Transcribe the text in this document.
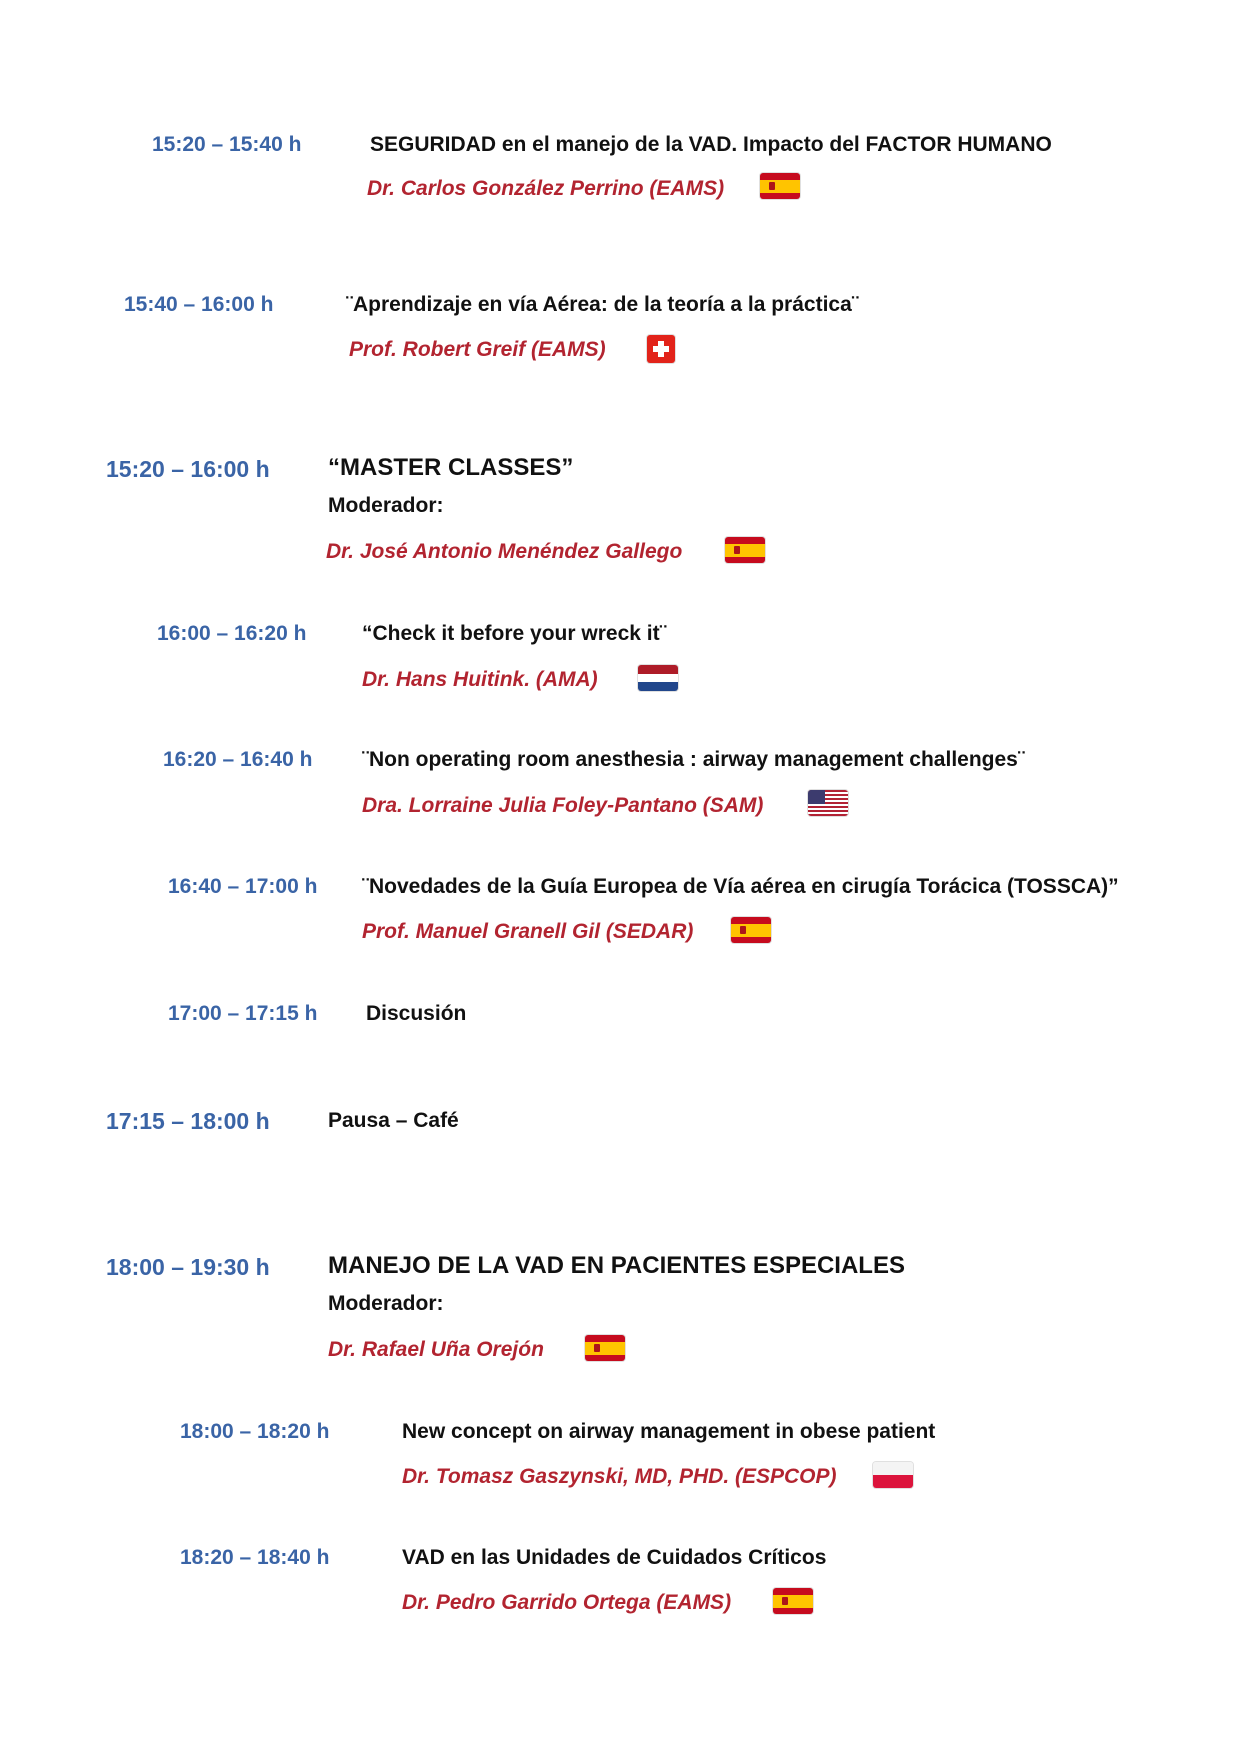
15:20 – 15:40 h	SEGURIDAD en el manejo de la VAD. Impacto del FACTOR HUMANO
Dr. Carlos González Perrino (EAMS)
15:40 – 16:00 h	¨Aprendizaje en vía Aérea: de la teoría a la práctica¨
Prof. Robert Greif (EAMS)
15:20 – 16:00 h “MASTER CLASSES”
Moderador:
Dr. José Antonio Menéndez Gallego
16:00 – 16:20 h	“Check it before your wreck it¨
Dr. Hans Huitink. (AMA)
16:20 – 16:40 h ¨Non operating room anesthesia : airway management challenges¨
Dra. Lorraine Julia Foley-Pantano (SAM)
16:40 – 17:00 h ¨Novedades de la Guía Europea de Vía aérea en cirugía Torácica (TOSSCA)”
Prof. Manuel Granell Gil (SEDAR)
17:00 – 17:15 h Discusión
17:15 – 18:00 h	Pausa – Café
18:00 – 19:30 h MANEJO DE LA VAD EN PACIENTES ESPECIALES
Moderador:
Dr. Rafael Uña Orejón
18:00 – 18:20 h	New concept on airway management in obese patient
Dr. Tomasz Gaszynski, MD, PHD. (ESPCOP)
18:20 – 18:40 h	VAD en las Unidades de Cuidados Críticos
Dr. Pedro Garrido Ortega (EAMS)
